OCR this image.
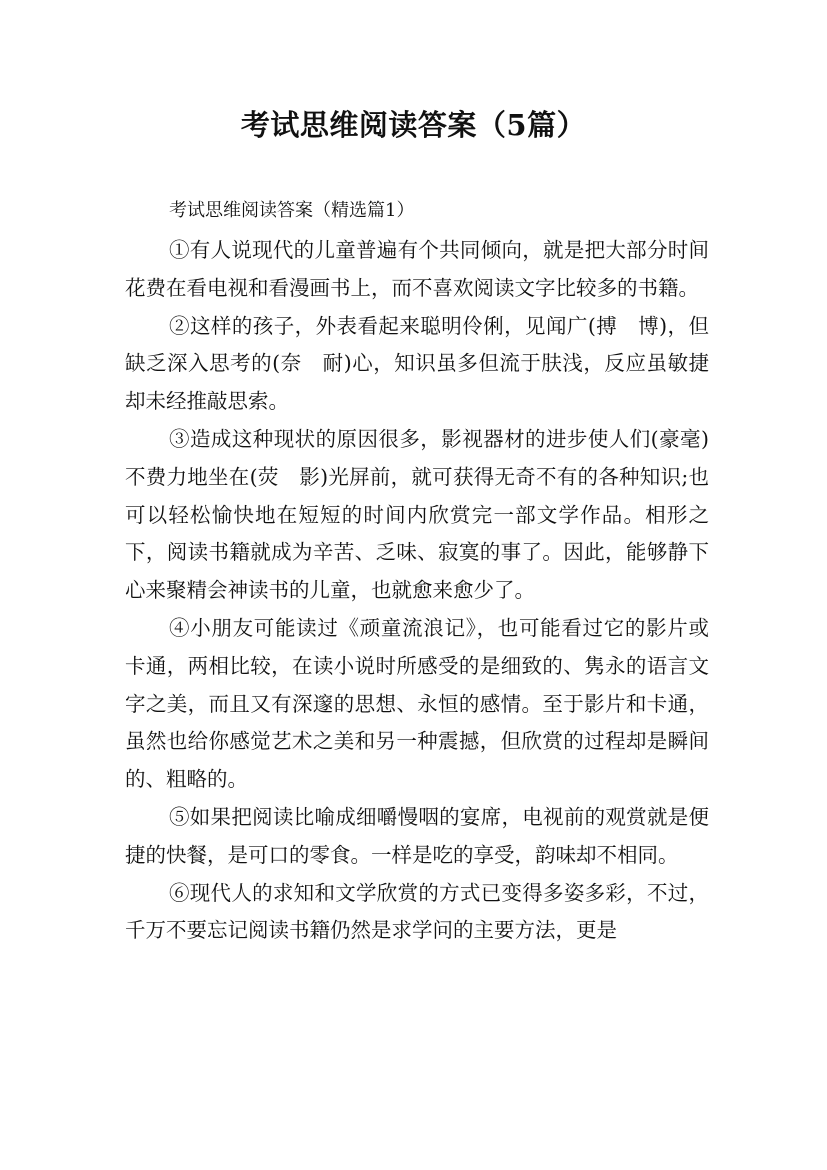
考试思维阅读答案（5篇）
考试思维阅读答案（精选篇1）

①有人说现代的儿童普遍有个共同倾向，就是把大部分时间花费在看电视和看漫画书上，而不喜欢阅读文字比较多的书籍。

②这样的孩子，外表看起来聪明伶俐，见闻广(搏　博)，但缺乏深入思考的(奈　耐)心，知识虽多但流于肤浅，反应虽敏捷却未经推敲思索。

③造成这种现状的原因很多，影视器材的进步使人们(豪毫)不费力地坐在(荧　影)光屏前，就可获得无奇不有的各种知识;也可以轻松愉快地在短短的时间内欣赏完一部文学作品。相形之下，阅读书籍就成为辛苦、乏味、寂寞的事了。因此，能够静下心来聚精会神读书的儿童，也就愈来愈少了。

④小朋友可能读过《顽童流浪记》，也可能看过它的影片或卡通，两相比较，在读小说时所感受的是细致的、隽永的语言文字之美，而且又有深邃的思想、永恒的感情。至于影片和卡通，虽然也给你感觉艺术之美和另一种震撼，但欣赏的过程却是瞬间的、粗略的。

⑤如果把阅读比喻成细嚼慢咽的宴席，电视前的观赏就是便捷的快餐，是可口的零食。一样是吃的享受，韵味却不相同。

⑥现代人的求知和文学欣赏的方式已变得多姿多彩，不过，千万不要忘记阅读书籍仍然是求学问的主要方法，更是
